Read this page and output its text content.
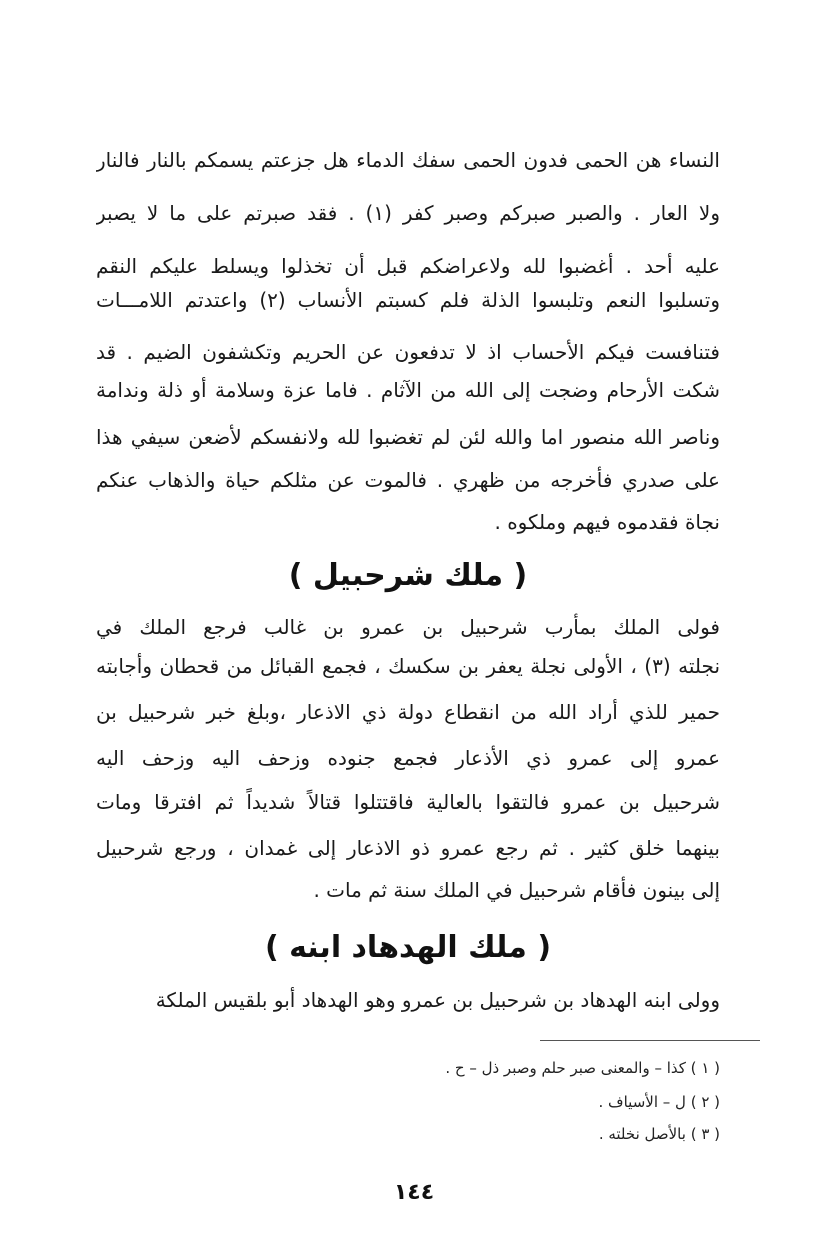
النساء هن الحمى فدون الحمى سفك الدماء هل جزعتم يسمكم بالنار فالنار
ولا العار . والصبر صبركم وصبر كفر (١) . فقد صبرتم على ما لا يصبر
عليه أحد . أغضبوا لله ولاعراضكم قبل أن تخذلوا ويسلط عليكم النقم
وتسلبوا النعم وتلبسوا الذلة فلم كسبتم الأنساب (٢) واعتدتم اللامـــات
فتنافست فيكم الأحساب اذ لا تدفعون عن الحريم وتكشفون الضيم . قد
شكت الأرحام وضجت إلى الله من الآثام . فاما عزة وسلامة أو ذلة وندامة
وناصر الله منصور اما والله لئن لم تغضبوا لله ولانفسكم لأضعن سيفي هذا
على صدري فأخرجه من ظهري . فالموت عن مثلكم حياة والذهاب عنكم
نجاة فقدموه فيهم وملكوه .
( ملك شرحبيل )
فولى الملك بمأرب شرحبيل بن عمرو بن غالب فرجع الملك في
نجلته (٣) ، الأولى نجلة يعفر بن سكسك ، فجمع القبائل من قحطان وأجابته
حمير للذي أراد الله من انقطاع دولة ذي الاذعار ،وبلغ خبر شرحبيل بن
عمرو إلى عمرو ذي الأذعار فجمع جنوده وزحف اليه وزحف اليه
شرحبيل بن عمرو فالتقوا بالعالية فاقتتلوا قتالاً شديداً ثم افترقا ومات
بينهما خلق كثير . ثم رجع عمرو ذو الاذعار إلى غمدان ، ورجع شرحبيل
إلى بينون فأقام شرحبيل في الملك سنة ثم مات .
( ملك الهدهاد ابنه )
وولى ابنه الهدهاد بن شرحبيل بن عمرو وهو الهدهاد أبو بلقيس الملكة
( ١ ) كذا – والمعنى صبر حلم وصبر ذل – ح .
( ٢ ) ل – الأسياف .
( ٣ ) بالأصل نخلته .
١٤٤
